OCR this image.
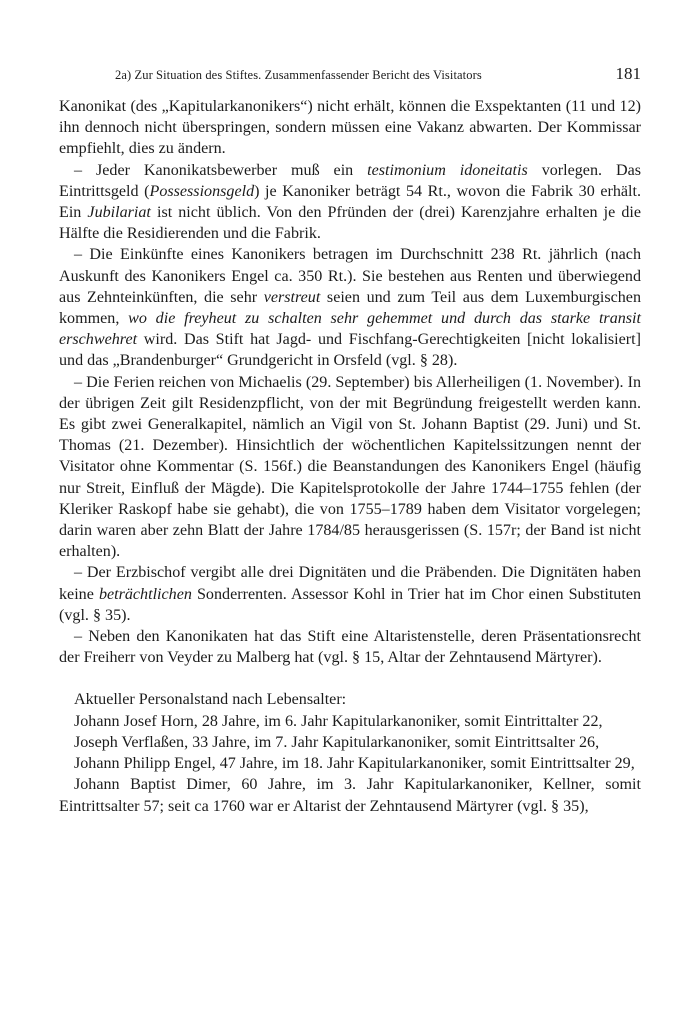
2a) Zur Situation des Stiftes. Zusammenfassender Bericht des Visitators	181

Kanonikat (des „Kapitularkanonikers“) nicht erhält, können die Exspektanten (11 und 12) ihn dennoch nicht überspringen, sondern müssen eine Vakanz abwarten. Der Kommissar empfiehlt, dies zu ändern.

– Jeder Kanonikatsbewerber muß ein testimonium idoneitatis vorlegen. Das Eintrittsgeld (Possessionsgeld) je Kanoniker beträgt 54 Rt., wovon die Fabrik 30 erhält. Ein Jubilariat ist nicht üblich. Von den Pfründen der (drei) Karenzjahre erhalten je die Hälfte die Residierenden und die Fabrik.

– Die Einkünfte eines Kanonikers betragen im Durchschnitt 238 Rt. jährlich (nach Auskunft des Kanonikers Engel ca. 350 Rt.). Sie bestehen aus Renten und überwiegend aus Zehnteinkünften, die sehr verstreut seien und zum Teil aus dem Luxemburgischen kommen, wo die freyheut zu schalten sehr gehemmet und durch das starke transit erschwehret wird. Das Stift hat Jagd- und Fischfang-Gerechtigkeiten [nicht lokalisiert] und das „Brandenburger“ Grundgericht in Orsfeld (vgl. § 28).

– Die Ferien reichen von Michaelis (29. September) bis Allerheiligen (1. November). In der übrigen Zeit gilt Residenzpflicht, von der mit Begründung freigestellt werden kann. Es gibt zwei Generalkapitel, nämlich an Vigil von St. Johann Baptist (29. Juni) und St. Thomas (21. Dezember). Hinsichtlich der wöchentlichen Kapitelssitzungen nennt der Visitator ohne Kommentar (S. 156f.) die Beanstandungen des Kanonikers Engel (häufig nur Streit, Einfluß der Mägde). Die Kapitelsprotokolle der Jahre 1744–1755 fehlen (der Kleriker Raskopf habe sie gehabt), die von 1755–1789 haben dem Visitator vorgelegen; darin waren aber zehn Blatt der Jahre 1784/85 herausgerissen (S. 157r; der Band ist nicht erhalten).

– Der Erzbischof vergibt alle drei Dignitäten und die Präbenden. Die Dignitäten haben keine beträchtlichen Sonderrenten. Assessor Kohl in Trier hat im Chor einen Substituten (vgl. § 35).

– Neben den Kanonikaten hat das Stift eine Altaristenstelle, deren Präsentationsrecht der Freiherr von Veyder zu Malberg hat (vgl. § 15, Altar der Zehntausend Märtyrer).

Aktueller Personalstand nach Lebensalter:

Johann Josef Horn, 28 Jahre, im 6. Jahr Kapitularkanoniker, somit Eintrittalter 22,

Joseph Verflaßen, 33 Jahre, im 7. Jahr Kapitularkanoniker, somit Eintrittsalter 26,

Johann Philipp Engel, 47 Jahre, im 18. Jahr Kapitularkanoniker, somit Eintrittsalter 29,

Johann Baptist Dimer, 60 Jahre, im 3. Jahr Kapitularkanoniker, Kellner, somit Eintrittsalter 57; seit ca 1760 war er Altarist der Zehntausend Märtyrer (vgl. § 35),
